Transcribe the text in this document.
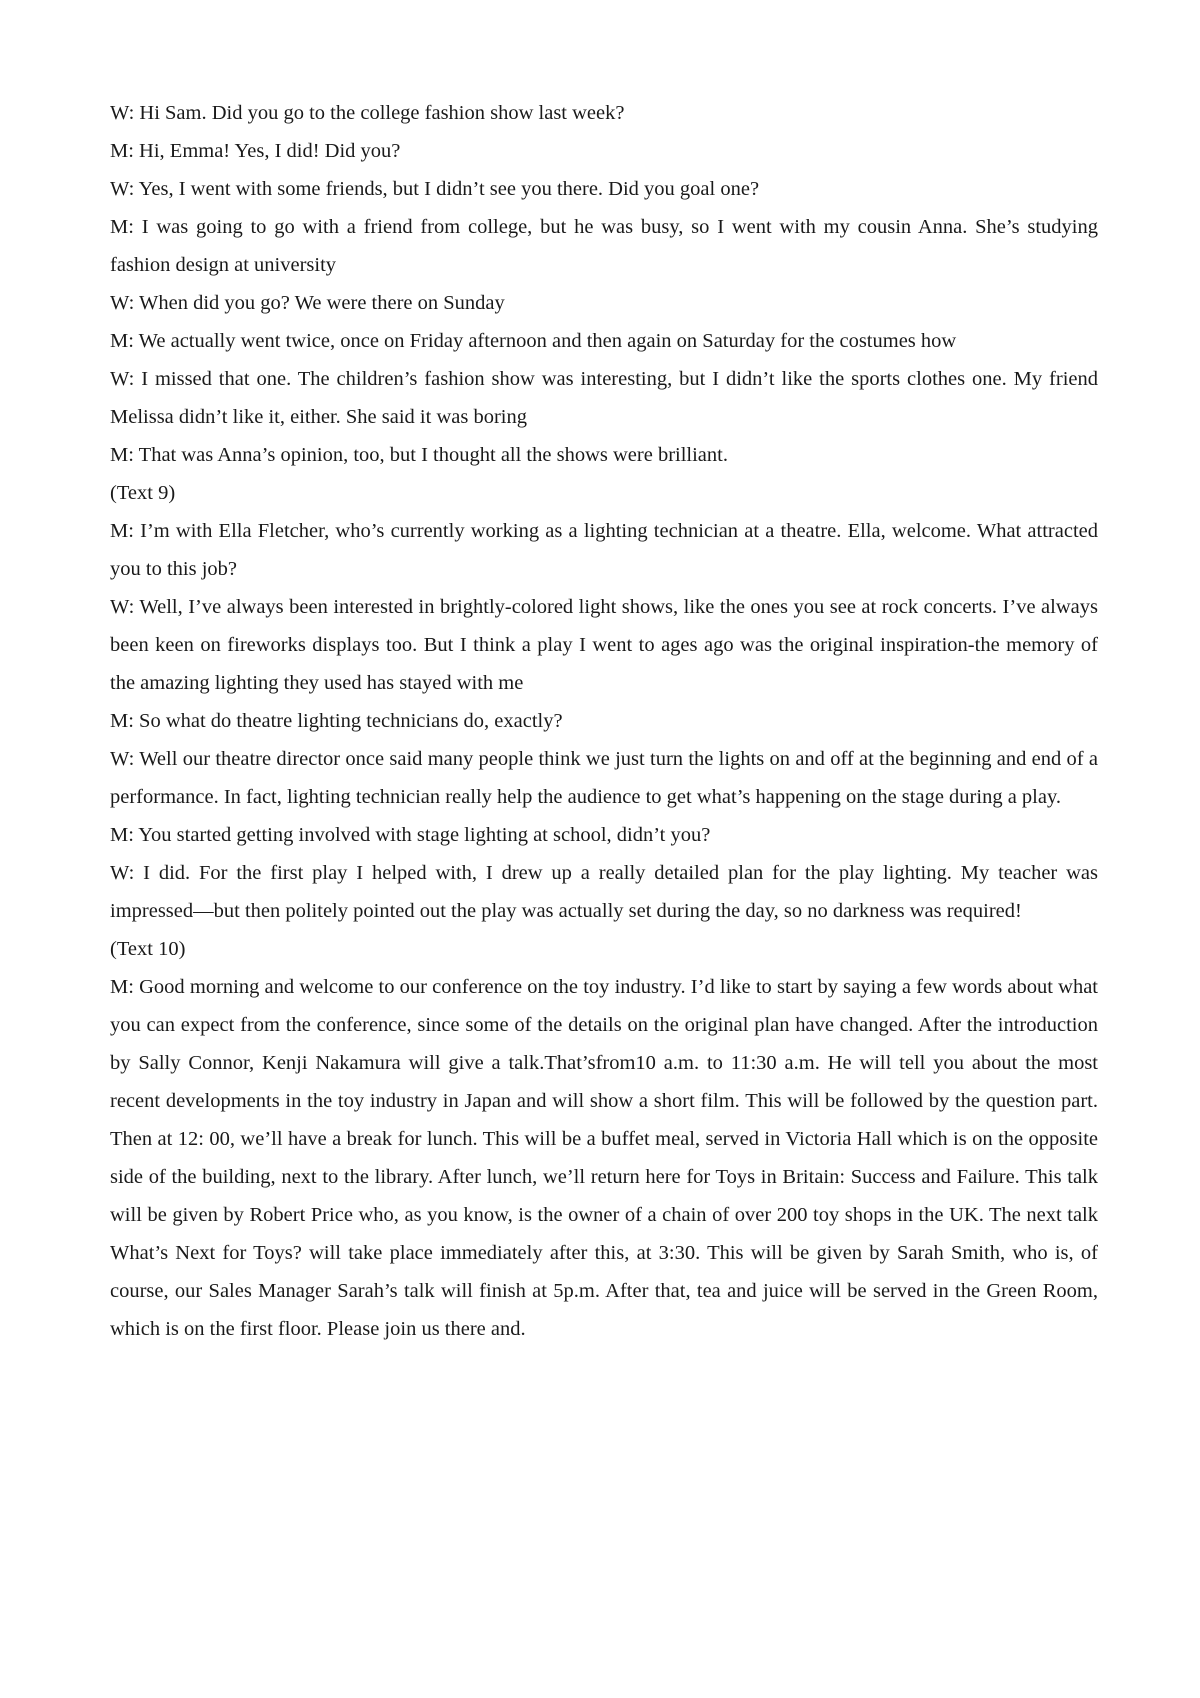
W: Hi Sam. Did you go to the college fashion show last week?

M: Hi, Emma! Yes, I did! Did you?

W: Yes, I went with some friends, but I didn’t see you there. Did you goal one?

M: I was going to go with a friend from college, but he was busy, so I went with my cousin Anna. She’s studying fashion design at university

W: When did you go? We were there on Sunday

M: We actually went twice, once on Friday afternoon and then again on Saturday for the costumes how

W: I missed that one. The children’s fashion show was interesting, but I didn’t like the sports clothes one. My friend Melissa didn’t like it, either. She said it was boring

M: That was Anna’s opinion, too, but I thought all the shows were brilliant.

(Text 9)

M: I’m with Ella Fletcher, who’s currently working as a lighting technician at a theatre. Ella, welcome. What attracted you to this job?

W: Well, I’ve always been interested in brightly-colored light shows, like the ones you see at rock concerts. I’ve always been keen on fireworks displays too. But I think a play I went to ages ago was the original inspiration-the memory of the amazing lighting they used has stayed with me

M: So what do theatre lighting technicians do, exactly?

W: Well our theatre director once said many people think we just turn the lights on and off at the beginning and end of a performance. In fact, lighting technician really help the audience to get what’s happening on the stage during a play.

M: You started getting involved with stage lighting at school, didn’t you?

W: I did. For the first play I helped with, I drew up a really detailed plan for the play lighting. My teacher was impressed—but then politely pointed out the play was actually set during the day, so no darkness was required!

(Text 10)

M: Good morning and welcome to our conference on the toy industry. I’d like to start by saying a few words about what you can expect from the conference, since some of the details on the original plan have changed. After the introduction by Sally Connor, Kenji Nakamura will give a talk.That’sfrom10 a.m. to 11:30 a.m. He will tell you about the most recent developments in the toy industry in Japan and will show a short film. This will be followed by the question part. Then at 12: 00, we’ll have a break for lunch. This will be a buffet meal, served in Victoria Hall which is on the opposite side of the building, next to the library. After lunch, we’ll return here for Toys in Britain: Success and Failure. This talk will be given by Robert Price who, as you know, is the owner of a chain of over 200 toy shops in the UK. The next talk What’s Next for Toys? will take place immediately after this, at 3:30. This will be given by Sarah Smith, who is, of course, our Sales Manager Sarah’s talk will finish at 5p.m. After that, tea and juice will be served in the Green Room, which is on the first floor. Please join us there and.
